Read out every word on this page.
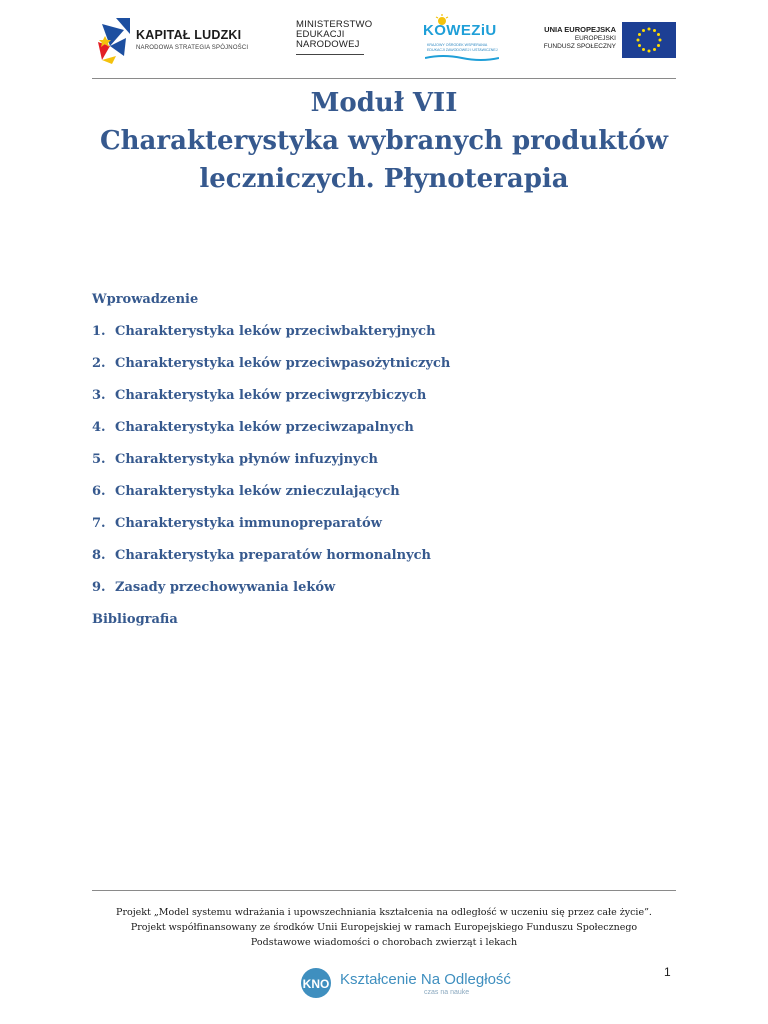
KAPITAŁ LUDZKI
NARODOWA STRATEGIA SPÓJNOŚCI
MINISTERSTWO
EDUKACJI
NARODOWEJ
KOWEZiU
KRAJOWY OŚRODEK WSPIERANIA
EDUKACJI ZAWODOWEJ I USTAWICZNEJ
UNIA EUROPEJSKA
EUROPEJSKI
FUNDUSZ SPOŁECZNY
Moduł VII
Charakterystyka wybranych produktów
leczniczych. Płynoterapia
Wprowadzenie
1. Charakterystyka leków przeciwbakteryjnych
2. Charakterystyka leków przeciwpasożytniczych
3. Charakterystyka leków przeciwgrzybiczych
4. Charakterystyka leków przeciwzapalnych
5. Charakterystyka płynów infuzyjnych
6. Charakterystyka leków znieczulających
7. Charakterystyka immunopreparatów
8. Charakterystyka preparatów hormonalnych
9. Zasady przechowywania leków
Bibliografia
Projekt „Model systemu wdrażania i upowszechniania kształcenia na odległość w uczeniu się przez całe życie”.
Projekt współfinansowany ze środków Unii Europejskiej w ramach Europejskiego Funduszu Społecznego
Podstawowe wiadomości o chorobach zwierząt i lekach
KNO Kształcenie Na Odległość
czas na nauke
1
